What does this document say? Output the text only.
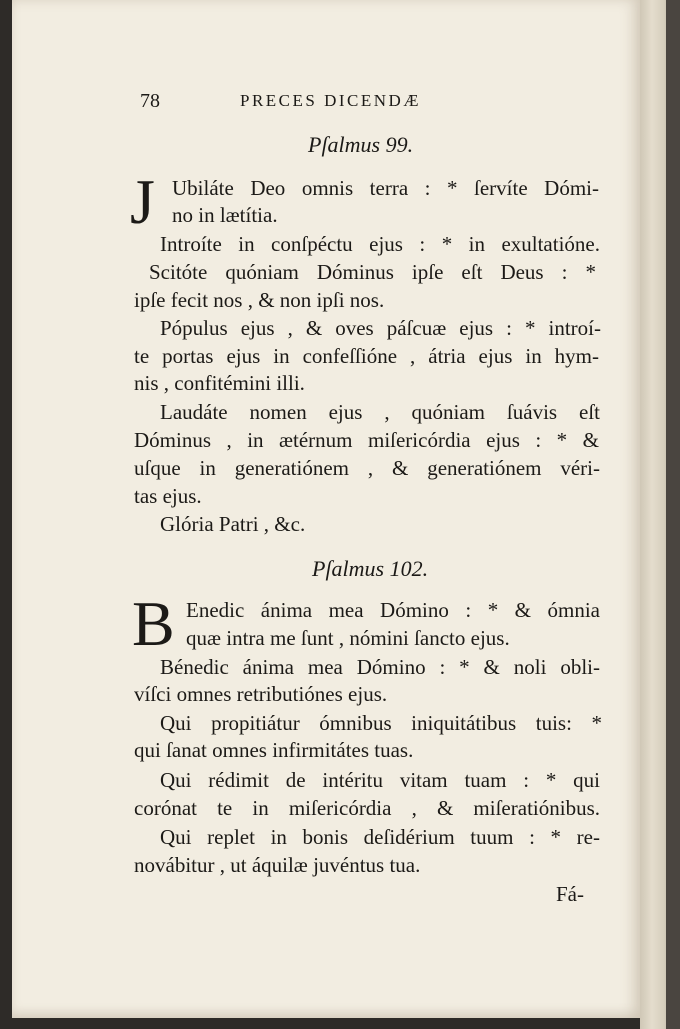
78	PRECES DICENDÆ
Pſalmus 99.
J Ubiláte Deo omnis terra : * ſervíte Dómi-
no in lætítia.
Introíte in conſpéctu ejus : * in exultatióne.
Scitóte quóniam Dóminus ipſe eſt Deus : *
ipſe fecit nos , & non ipſi nos.
Pópulus ejus , & oves páſcuæ ejus : * introí-
te portas ejus in confeſſióne , átria ejus in hym-
nis , confitémini illi.
Laudáte nomen ejus , quóniam ſuávis eſt
Dóminus , in ætérnum miſericórdia ejus : * &
uſque in generatiónem , & generatiónem véri-
tas ejus.
Glória Patri , &c.
Pſalmus 102.
B Enedic ánima mea Dómino : * & ómnia
quæ intra me ſunt , nómini ſancto ejus.
Bénedic ánima mea Dómino : * & noli obli-
víſci omnes retributiónes ejus.
Qui propitiátur ómnibus iniquitátibus tuis: *
qui ſanat omnes infirmitátes tuas.
Qui rédimit de intéritu vitam tuam : * qui
corónat te in miſericórdia , & miſeratiónibus.
Qui replet in bonis deſidérium tuum : * re-
novábitur , ut áquilæ juvéntus tua.
Fá-
